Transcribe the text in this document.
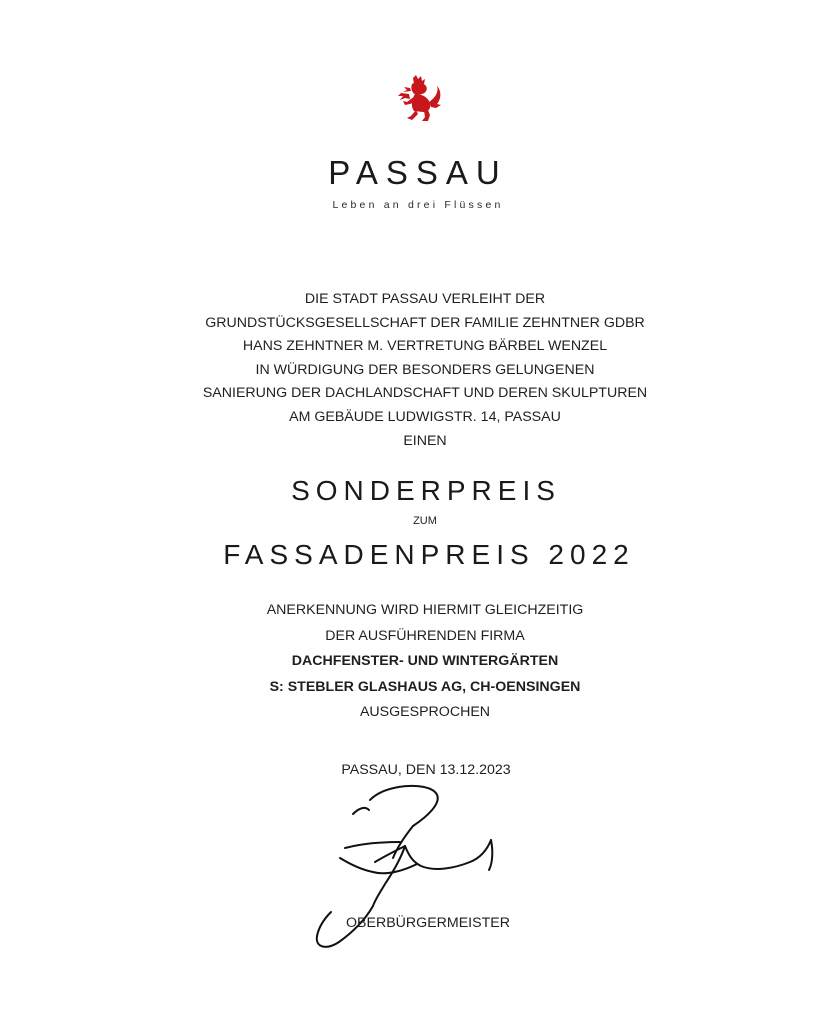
PASSAU
Leben an drei Flüssen
DIE STADT PASSAU VERLEIHT DER
GRUNDSTÜCKSGESELLSCHAFT DER FAMILIE ZEHNTNER GDBR
HANS ZEHNTNER M. VERTRETUNG BÄRBEL WENZEL
IN WÜRDIGUNG DER BESONDERS GELUNGENEN
SANIERUNG DER DACHLANDSCHAFT UND DEREN SKULPTUREN
AM GEBÄUDE LUDWIGSTR. 14, PASSAU
EINEN
SONDERPREIS
ZUM
FASSADENPREIS 2022
ANERKENNUNG WIRD HIERMIT GLEICHZEITIG
DER AUSFÜHRENDEN FIRMA
DACHFENSTER- UND WINTERGÄRTEN
S: STEBLER GLASHAUS AG, CH-OENSINGEN
AUSGESPROCHEN
PASSAU, DEN 13.12.2023
OBERBÜRGERMEISTER
